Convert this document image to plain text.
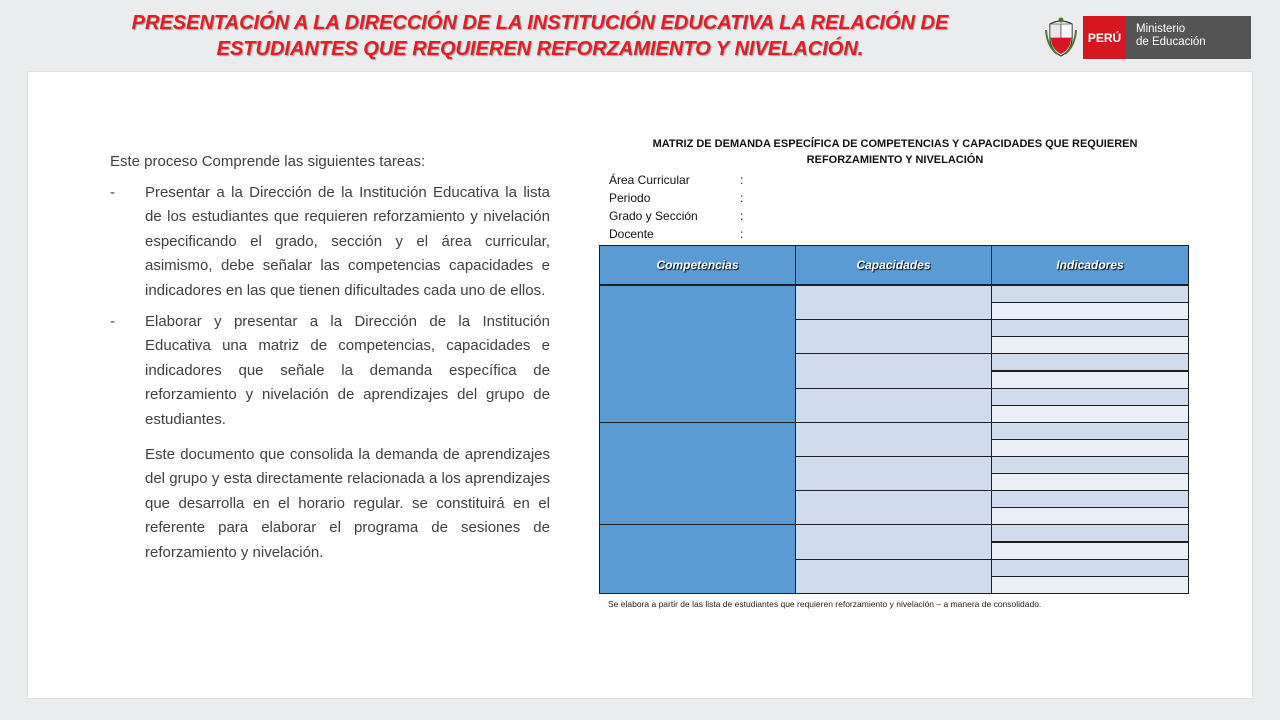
PRESENTACIÓN A LA DIRECCIÓN DE LA INSTITUCIÓN EDUCATIVA LA RELACIÓN DE
ESTUDIANTES QUE REQUIEREN REFORZAMIENTO Y NIVELACIÓN.
PERÚ
Ministerio
de Educación

Este proceso Comprende las siguientes tareas:

-	Presentar a la Dirección de la Institución Educativa la lista de los estudiantes que requieren reforzamiento y nivelación especificando el grado, sección y el área curricular, asimismo, debe señalar las competencias capacidades e indicadores en las que tienen dificultades cada uno de ellos.
-	Elaborar y presentar a la Dirección de la Institución Educativa una matriz de competencias, capacidades e indicadores que señale la demanda específica de reforzamiento y nivelación de aprendizajes del grupo de estudiantes.

Este documento que consolida la demanda de aprendizajes del grupo y esta directamente relacionada a los aprendizajes que desarrolla en el horario regular. se constituirá en el referente para elaborar el programa de sesiones de reforzamiento y nivelación.

MATRIZ DE DEMANDA ESPECÍFICA DE COMPETENCIAS Y CAPACIDADES QUE REQUIEREN
REFORZAMIENTO Y NIVELACIÓN
Área Curricular	:
Periodo	:
Grado y Sección	:
Docente	:
Competencias	Capacidades	Indicadores
Se elabora a partir de las lista de estudiantes que requieren reforzamiento y nivelación – a manera de consolidado.
